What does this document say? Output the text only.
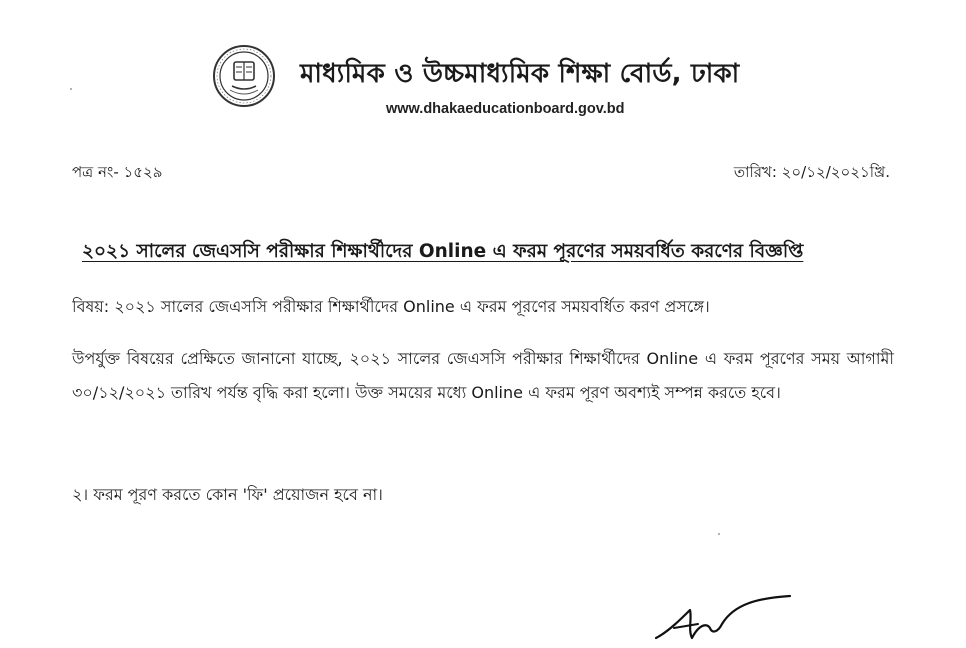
মাধ্যমিক ও উচ্চমাধ্যমিক শিক্ষা বোর্ড, ঢাকা
www.dhakaeducationboard.gov.bd
পত্র নং- ১৫২৯	তারিখ: ২০/১২/২০২১খ্রি.
২০২১ সালের জেএসসি পরীক্ষার শিক্ষার্থীদের Online এ ফরম পূরণের সময়বর্ধিত করণের বিজ্ঞপ্তি
বিষয়: ২০২১ সালের জেএসসি পরীক্ষার শিক্ষার্থীদের Online এ ফরম পূরণের সময়বর্ধিত করণ প্রসঙ্গে।
উপর্যুক্ত বিষয়ের প্রেক্ষিতে জানানো যাচ্ছে, ২০২১ সালের জেএসসি পরীক্ষার শিক্ষার্থীদের Online এ ফরম পূরণের সময় আগামী ৩০/১২/২০২১ তারিখ পর্যন্ত বৃদ্ধি করা হলো। উক্ত সময়ের মধ্যে Online এ ফরম পূরণ অবশ্যই সম্পন্ন করতে হবে।
২। ফরম পূরণ করতে কোন 'ফি' প্রয়োজন হবে না।
